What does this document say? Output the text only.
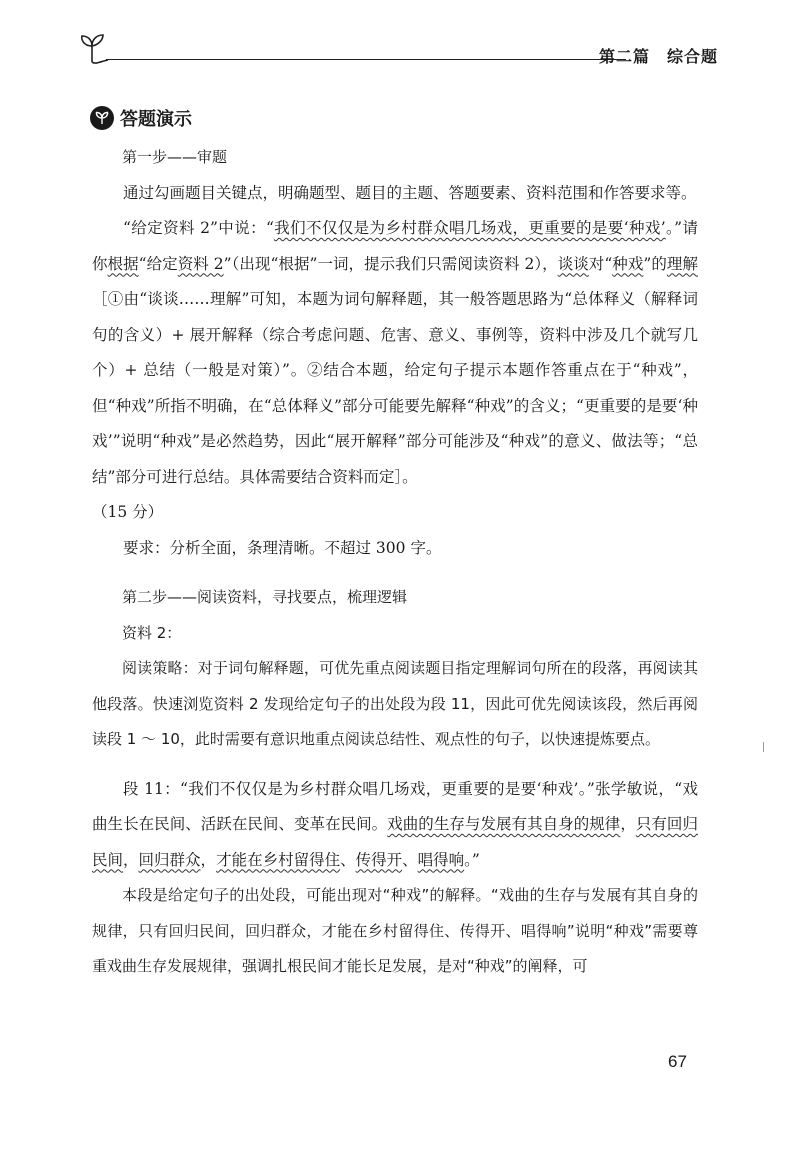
第二篇　综合题
答题演示

第一步——审题

通过勾画题目关键点，明确题型、题目的主题、答题要素、资料范围和作答要求等。

“给定资料 2”中说：“我们不仅仅是为乡村群众唱几场戏，更重要的是要‘种戏’。”请你根据“给定资料 2”（出现“根据”一词，提示我们只需阅读资料 2），谈谈对“种戏”的理解［①由“谈谈……理解”可知，本题为词句解释题，其一般答题思路为“总体释义（解释词句的含义）+ 展开解释（综合考虑问题、危害、意义、事例等，资料中涉及几个就写几个）+ 总结（一般是对策）”。②结合本题，给定句子提示本题作答重点在于“种戏”，但“种戏”所指不明确，在“总体释义”部分可能要先解释“种戏”的含义；“更重要的是要‘种戏’”说明“种戏”是必然趋势，因此“展开解释”部分可能涉及“种戏”的意义、做法等；“总结”部分可进行总结。具体需要结合资料而定］。

（15 分）

要求：分析全面，条理清晰。不超过 300 字。

第二步——阅读资料，寻找要点，梳理逻辑

资料 2：

阅读策略：对于词句解释题，可优先重点阅读题目指定理解词句所在的段落，再阅读其他段落。快速浏览资料 2 发现给定句子的出处段为段 11，因此可优先阅读该段，然后再阅读段 1 ～ 10，此时需要有意识地重点阅读总结性、观点性的句子，以快速提炼要点。

段 11：“我们不仅仅是为乡村群众唱几场戏，更重要的是要‘种戏’。”张学敏说，“戏曲生长在民间、活跃在民间、变革在民间。戏曲的生存与发展有其自身的规律，只有回归民间，回归群众，才能在乡村留得住、传得开、唱得响。”

本段是给定句子的出处段，可能出现对“种戏”的解释。“戏曲的生存与发展有其自身的规律，只有回归民间，回归群众，才能在乡村留得住、传得开、唱得响”说明“种戏”需要尊重戏曲生存发展规律，强调扎根民间才能长足发展，是对“种戏”的阐释，可

67
